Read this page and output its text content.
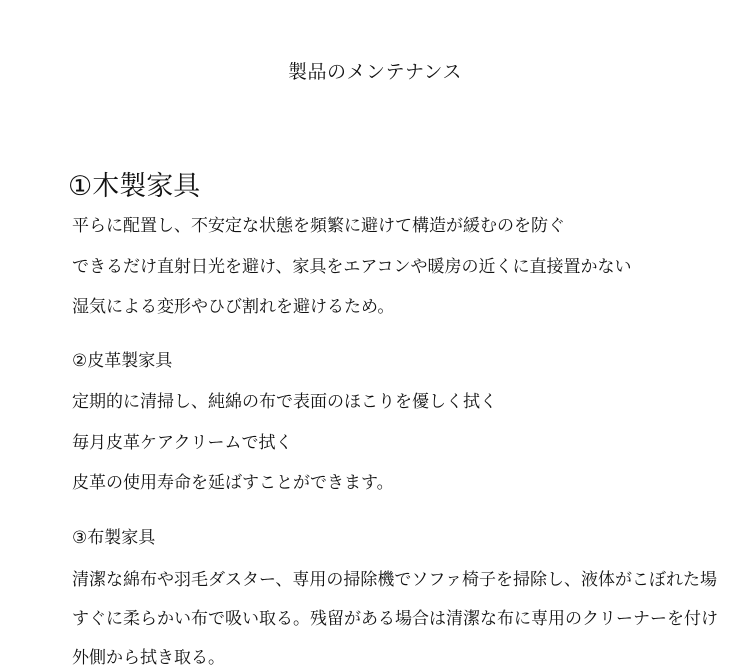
製品のメンテナンス
①木製家具
平らに配置し、不安定な状態を頻繁に避けて構造が緩むのを防ぐ
できるだけ直射日光を避け、家具をエアコンや暖房の近くに直接置かない
湿気による変形やひび割れを避けるため。
②皮革製家具
定期的に清掃し、純綿の布で表面のほこりを優しく拭く
毎月皮革ケアクリームで拭く
皮革の使用寿命を延ばすことができます。
③布製家具
清潔な綿布や羽毛ダスター、専用の掃除機でソファ椅子を掃除し、液体がこぼれた場
すぐに柔らかい布で吸い取る。残留がある場合は清潔な布に専用のクリーナーを付け
外側から拭き取る。
